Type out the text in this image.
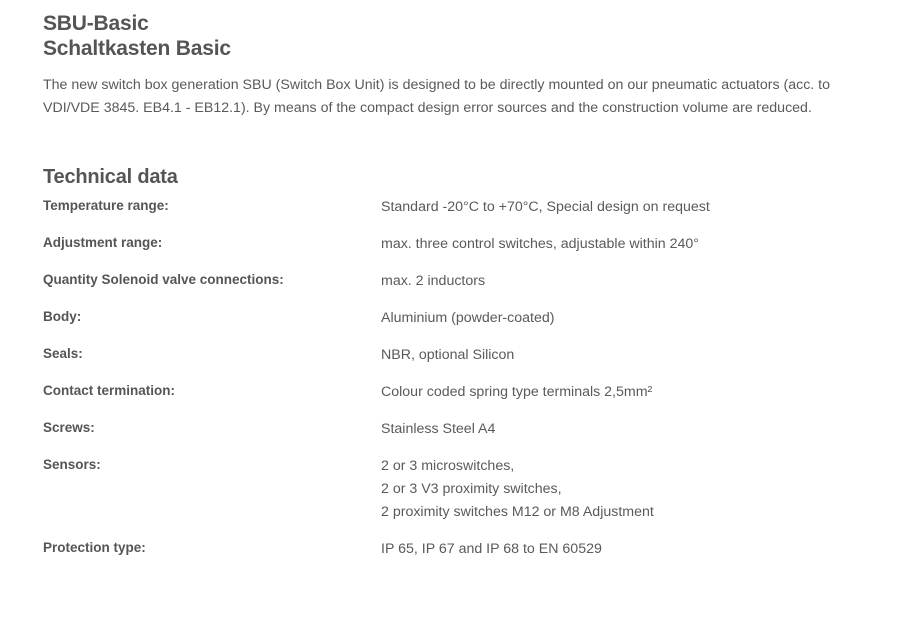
SBU-Basic
Schaltkasten Basic

The new switch box generation SBU (Switch Box Unit) is designed to be directly mounted on our pneumatic actuators (acc. to VDI/VDE 3845. EB4.1 - EB12.1). By means of the compact design error sources and the construction volume are reduced.

Technical data
Temperature range:	Standard -20°C to +70°C, Special design on request

Adjustment range:	max. three control switches, adjustable within 240°

Quantity Solenoid valve connections:	max. 2 inductors

Body:	Aluminium (powder-coated)

Seals:	NBR, optional Silicon

Contact termination:	Colour coded spring type terminals 2,5mm²

Screws:	Stainless Steel A4

Sensors:	2 or 3 microswitches,
2 or 3 V3 proximity switches,
2 proximity switches M12 or M8 Adjustment

Protection type:	IP 65, IP 67 and IP 68 to EN 60529
